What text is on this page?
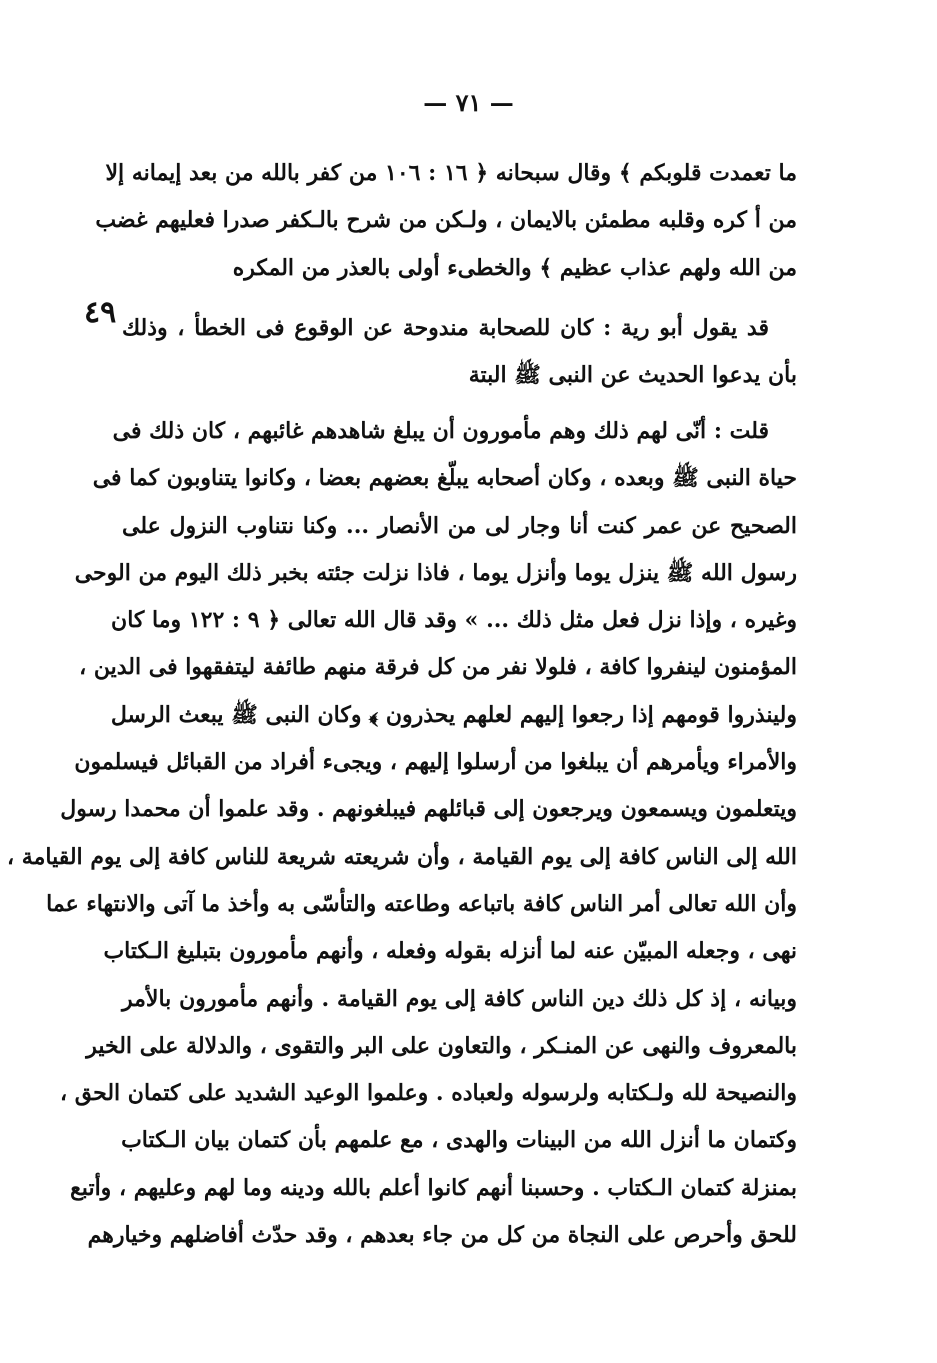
— ٧١ —
٤٩
ما تعمدت قلوبكم ﴾ وقال سبحانه ﴿ ١٦ : ١٠٦ من كفر بالله من بعد إيمانه إلا
من أ كره وقلبه مطمئن بالايمان ، ولـكن من شرح بالـكفر صدرا فعليهم غضب
من الله ولهم عذاب عظيم ﴾ والخطىء أولى بالعذر من المكره
قد يقول أبو رية : كان للصحابة مندوحة عن الوقوع فى الخطأ ، وذلك
بأن يدعوا الحديث عن النبى ﷺ البتة
قلت : أنّى لهم ذلك وهم مأمورون أن يبلغ شاهدهم غائبهم ، كان ذلك فى
حياة النبى ﷺ وبعده ، وكان أصحابه يبلّغ بعضهم بعضا ، وكانوا يتناوبون كما فى
الصحيح عن عمر كنت أنا وجار لى من الأنصار ... وكنا نتناوب النزول على
رسول الله ﷺ ينزل يوما وأنزل يوما ، فاذا نزلت جئته بخبر ذلك اليوم من الوحى
وغيره ، وإذا نزل فعل مثل ذلك ... » وقد قال الله تعالى ﴿ ٩ : ١٢٢ وما كان
المؤمنون لينفروا كافة ، فلولا نفر من كل فرقة منهم طائفة ليتفقهوا فى الدين ،
ولينذروا قومهم إذا رجعوا إليهم لعلهم يحذرون ﴾ وكان النبى ﷺ يبعث الرسل
والأمراء ويأمرهم أن يبلغوا من أرسلوا إليهم ، ويجىء أفراد من القبائل فيسلمون
ويتعلمون ويسمعون ويرجعون إلى قبائلهم فيبلغونهم . وقد علموا أن محمدا رسول
الله إلى الناس كافة إلى يوم القيامة ، وأن شريعته شريعة للناس كافة إلى يوم القيامة ،
وأن الله تعالى أمر الناس كافة باتباعه وطاعته والتأسّى به وأخذ ما آتى والانتهاء عما
نهى ، وجعله المبيّن عنه لما أنزله بقوله وفعله ، وأنهم مأمورون بتبليغ الـكتاب
وبيانه ، إذ كل ذلك دين الناس كافة إلى يوم القيامة . وأنهم مأمورون بالأمر
بالمعروف والنهى عن المنـكر ، والتعاون على البر والتقوى ، والدلالة على الخير
والنصيحة لله ولـكتابه ولرسوله ولعباده . وعلموا الوعيد الشديد على كتمان الحق ،
وكتمان ما أنزل الله من البينات والهدى ، مع علمهم بأن كتمان بيان الـكتاب
بمنزلة كتمان الـكتاب . وحسبنا أنهم كانوا أعلم بالله ودينه وما لهم وعليهم ، وأتبع
للحق وأحرص على النجاة من كل من جاء بعدهم ، وقد حدّث أفاضلهم وخيارهم
